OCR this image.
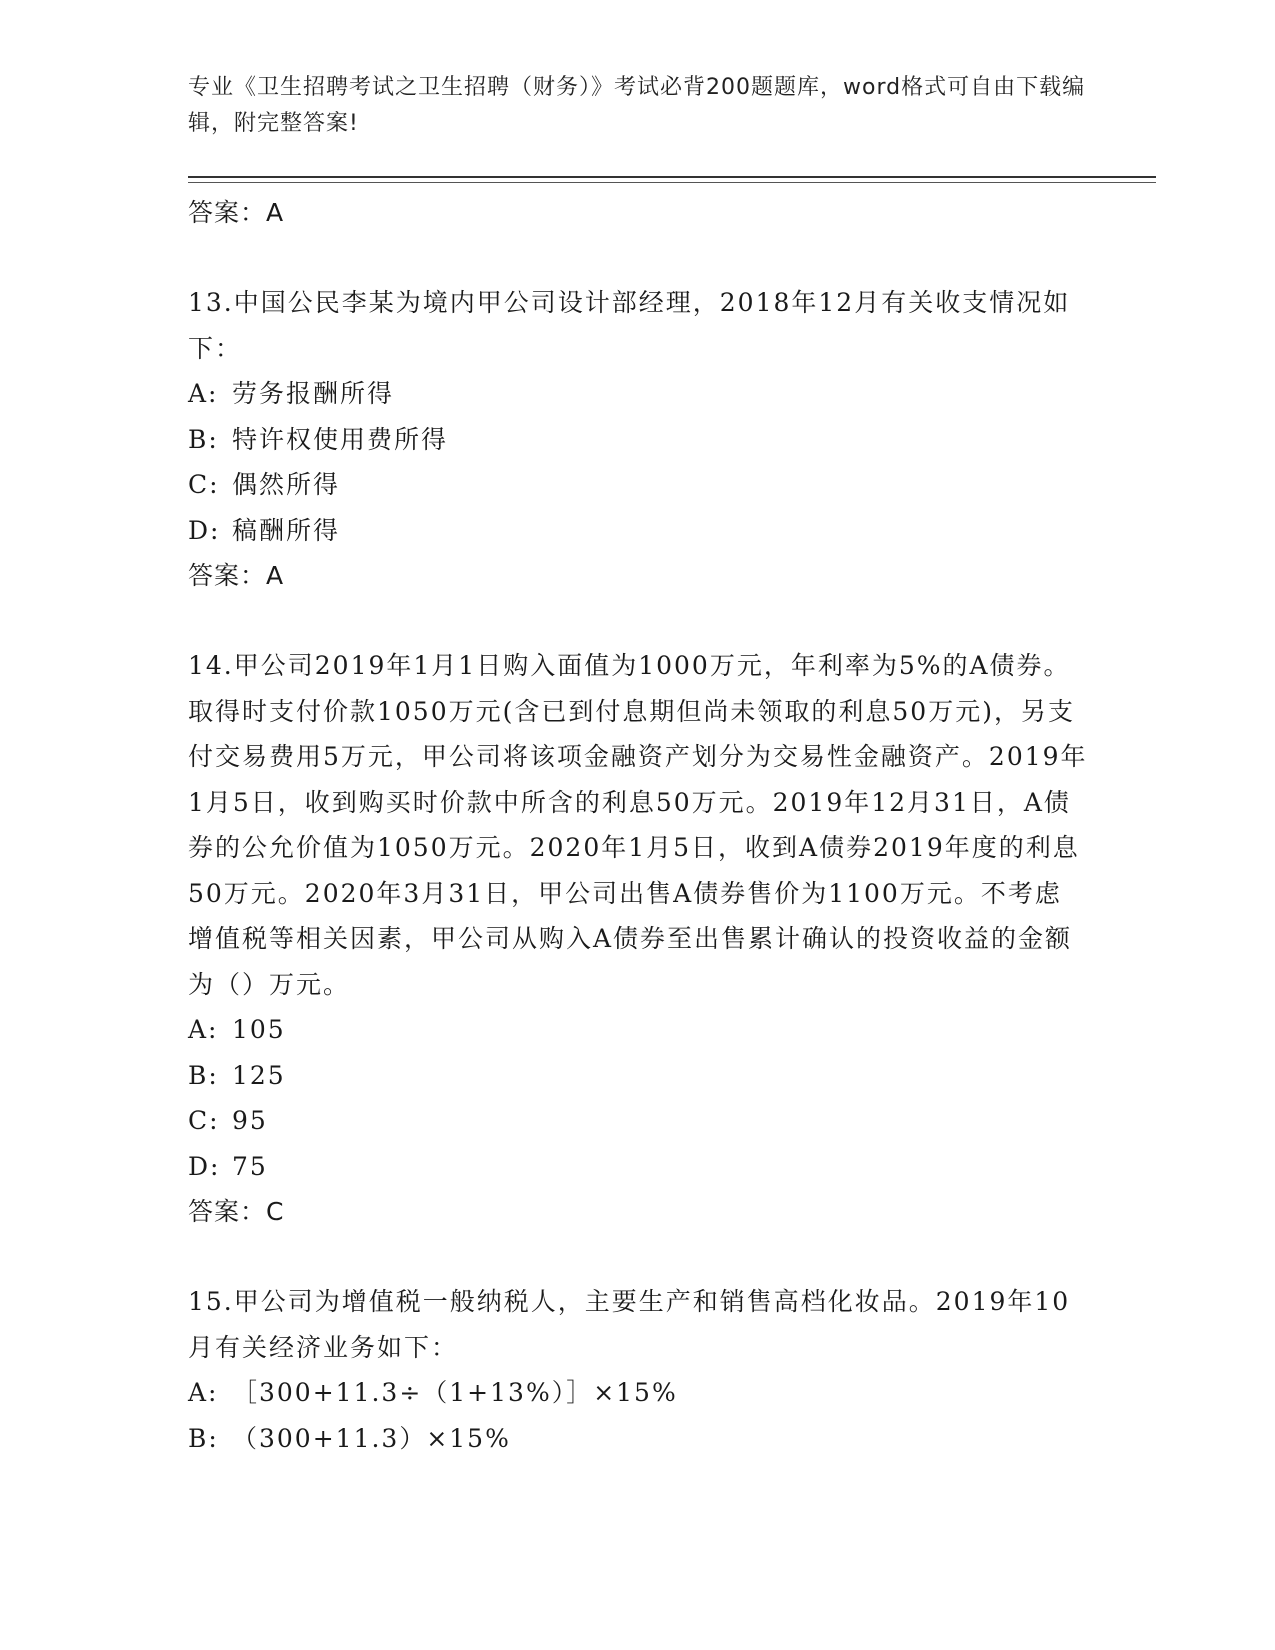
专业《卫生招聘考试之卫生招聘（财务）》考试必背200题题库，word格式可自由下载编辑，附完整答案!
答案：A

13.中国公民李某为境内甲公司设计部经理，2018年12月有关收支情况如下：

A: 劳务报酬所得
B: 特许权使用费所得
C: 偶然所得
D: 稿酬所得
答案：A

14.甲公司2019年1月1日购入面值为1000万元，年利率为5%的A债券。取得时支付价款1050万元(含已到付息期但尚未领取的利息50万元)，另支付交易费用5万元，甲公司将该项金融资产划分为交易性金融资产。2019年1月5日，收到购买时价款中所含的利息50万元。2019年12月31日，A债券的公允价值为1050万元。2020年1月5日，收到A债券2019年度的利息50万元。2020年3月31日，甲公司出售A债券售价为1100万元。不考虑增值税等相关因素，甲公司从购入A债券至出售累计确认的投资收益的金额为（）万元。

A: 105
B: 125
C: 95
D: 75
答案：C

15.甲公司为增值税一般纳税人，主要生产和销售高档化妆品。2019年10月有关经济业务如下：

A: ［300+11.3÷（1+13%）］×15%
B: （300+11.3）×15%
